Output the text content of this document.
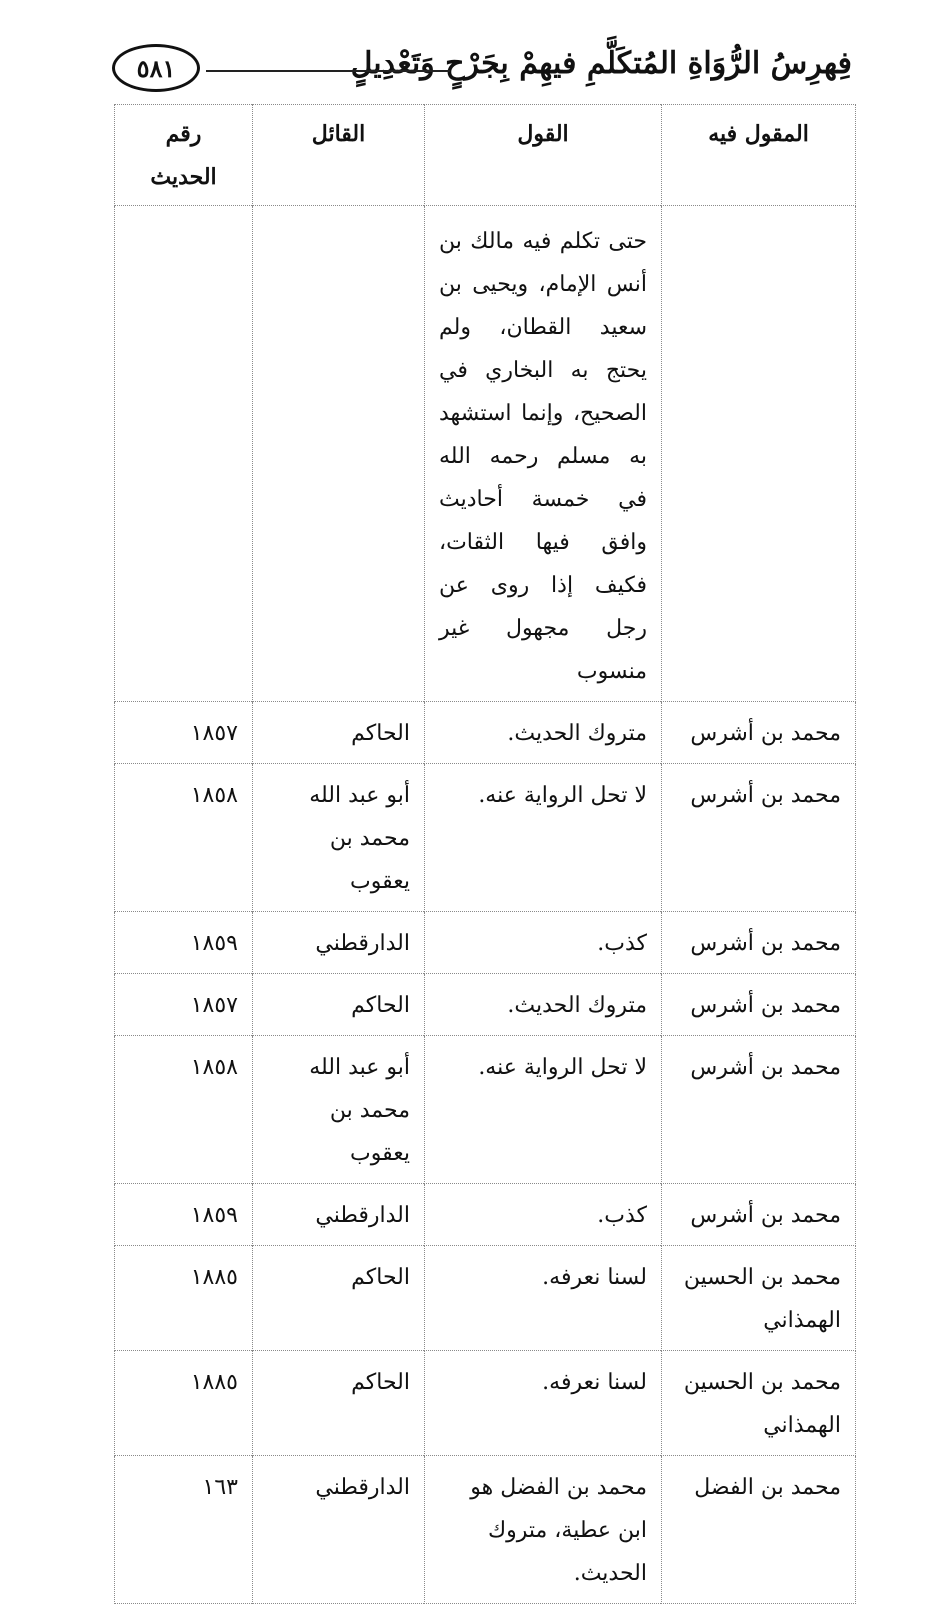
فِهرِسُ الرُّوَاةِ المُتكَلَّمِ فيهِمْ بِجَرْحٍ وَتَعْدِيلٍ
٥٨١
المقول فيه	القول	القائل	رقم الحديث
	حتى تكلم فيه مالك بن أنس الإمام، ويحيى بن سعيد القطان، ولم يحتج به البخاري في الصحيح، وإنما استشهد به مسلم رحمه الله في خمسة أحاديث وافق فيها الثقات، فكيف إذا روى عن رجل مجهول غير منسوب		
محمد بن أشرس	متروك الحديث.	الحاكم	١٨٥٧
محمد بن أشرس	لا تحل الرواية عنه.	أبو عبد الله محمد بن يعقوب	١٨٥٨
محمد بن أشرس	كذب.	الدارقطني	١٨٥٩
محمد بن أشرس	متروك الحديث.	الحاكم	١٨٥٧
محمد بن أشرس	لا تحل الرواية عنه.	أبو عبد الله محمد بن يعقوب	١٨٥٨
محمد بن أشرس	كذب.	الدارقطني	١٨٥٩
محمد بن الحسين الهمذاني	لسنا نعرفه.	الحاكم	١٨٨٥
محمد بن الحسين الهمذاني	لسنا نعرفه.	الحاكم	١٨٨٥
محمد بن الفضل	محمد بن الفضل هو ابن عطية، متروك الحديث.	الدارقطني	١٦٣
